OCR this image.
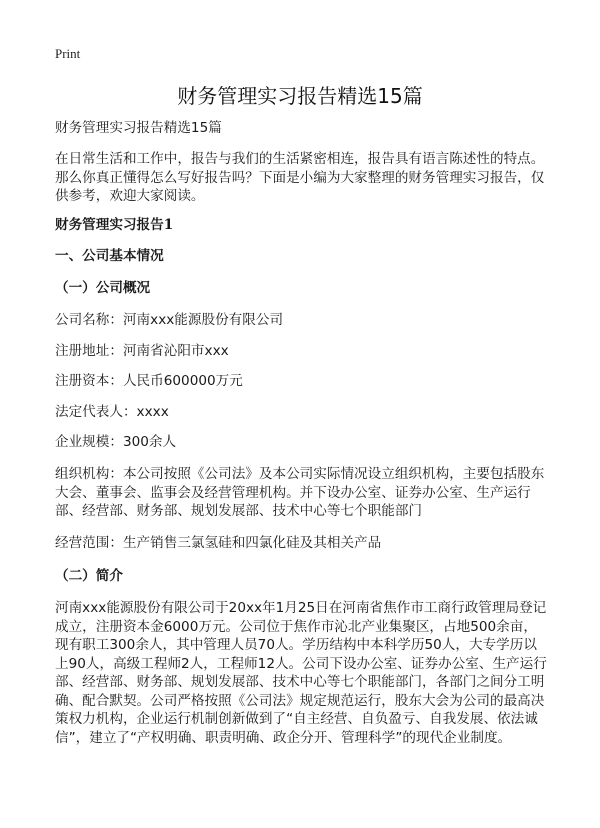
Print
财务管理实习报告精选15篇

财务管理实习报告精选15篇

在日常生活和工作中，报告与我们的生活紧密相连，报告具有语言陈述性的特点。那么你真正懂得怎么写好报告吗？下面是小编为大家整理的财务管理实习报告，仅供参考，欢迎大家阅读。

财务管理实习报告1

一、公司基本情况

（一）公司概况

公司名称：河南xxx能源股份有限公司

注册地址：河南省沁阳市xxx

注册资本：人民币600000万元

法定代表人：xxxx

企业规模：300余人

组织机构：本公司按照《公司法》及本公司实际情况设立组织机构，主要包括股东大会、董事会、监事会及经营管理机构。并下设办公室、证券办公室、生产运行部、经营部、财务部、规划发展部、技术中心等七个职能部门

经营范围：生产销售三氯氢硅和四氯化硅及其相关产品

（二）简介

河南xxx能源股份有限公司于20xx年1月25日在河南省焦作市工商行政管理局登记成立，注册资本金6000万元。公司位于焦作市沁北产业集聚区，占地500余亩，现有职工300余人，其中管理人员70人。学历结构中本科学历50人，大专学历以上90人，高级工程师2人，工程师12人。公司下设办公室、证券办公室、生产运行部、经营部、财务部、规划发展部、技术中心等七个职能部门，各部门之间分工明确、配合默契。公司严格按照《公司法》规定规范运行，股东大会为公司的最高决策权力机构，企业运行机制创新做到了“自主经营、自负盈亏、自我发展、依法诚信”，建立了“产权明确、职责明确、政企分开、管理科学”的现代企业制度。
